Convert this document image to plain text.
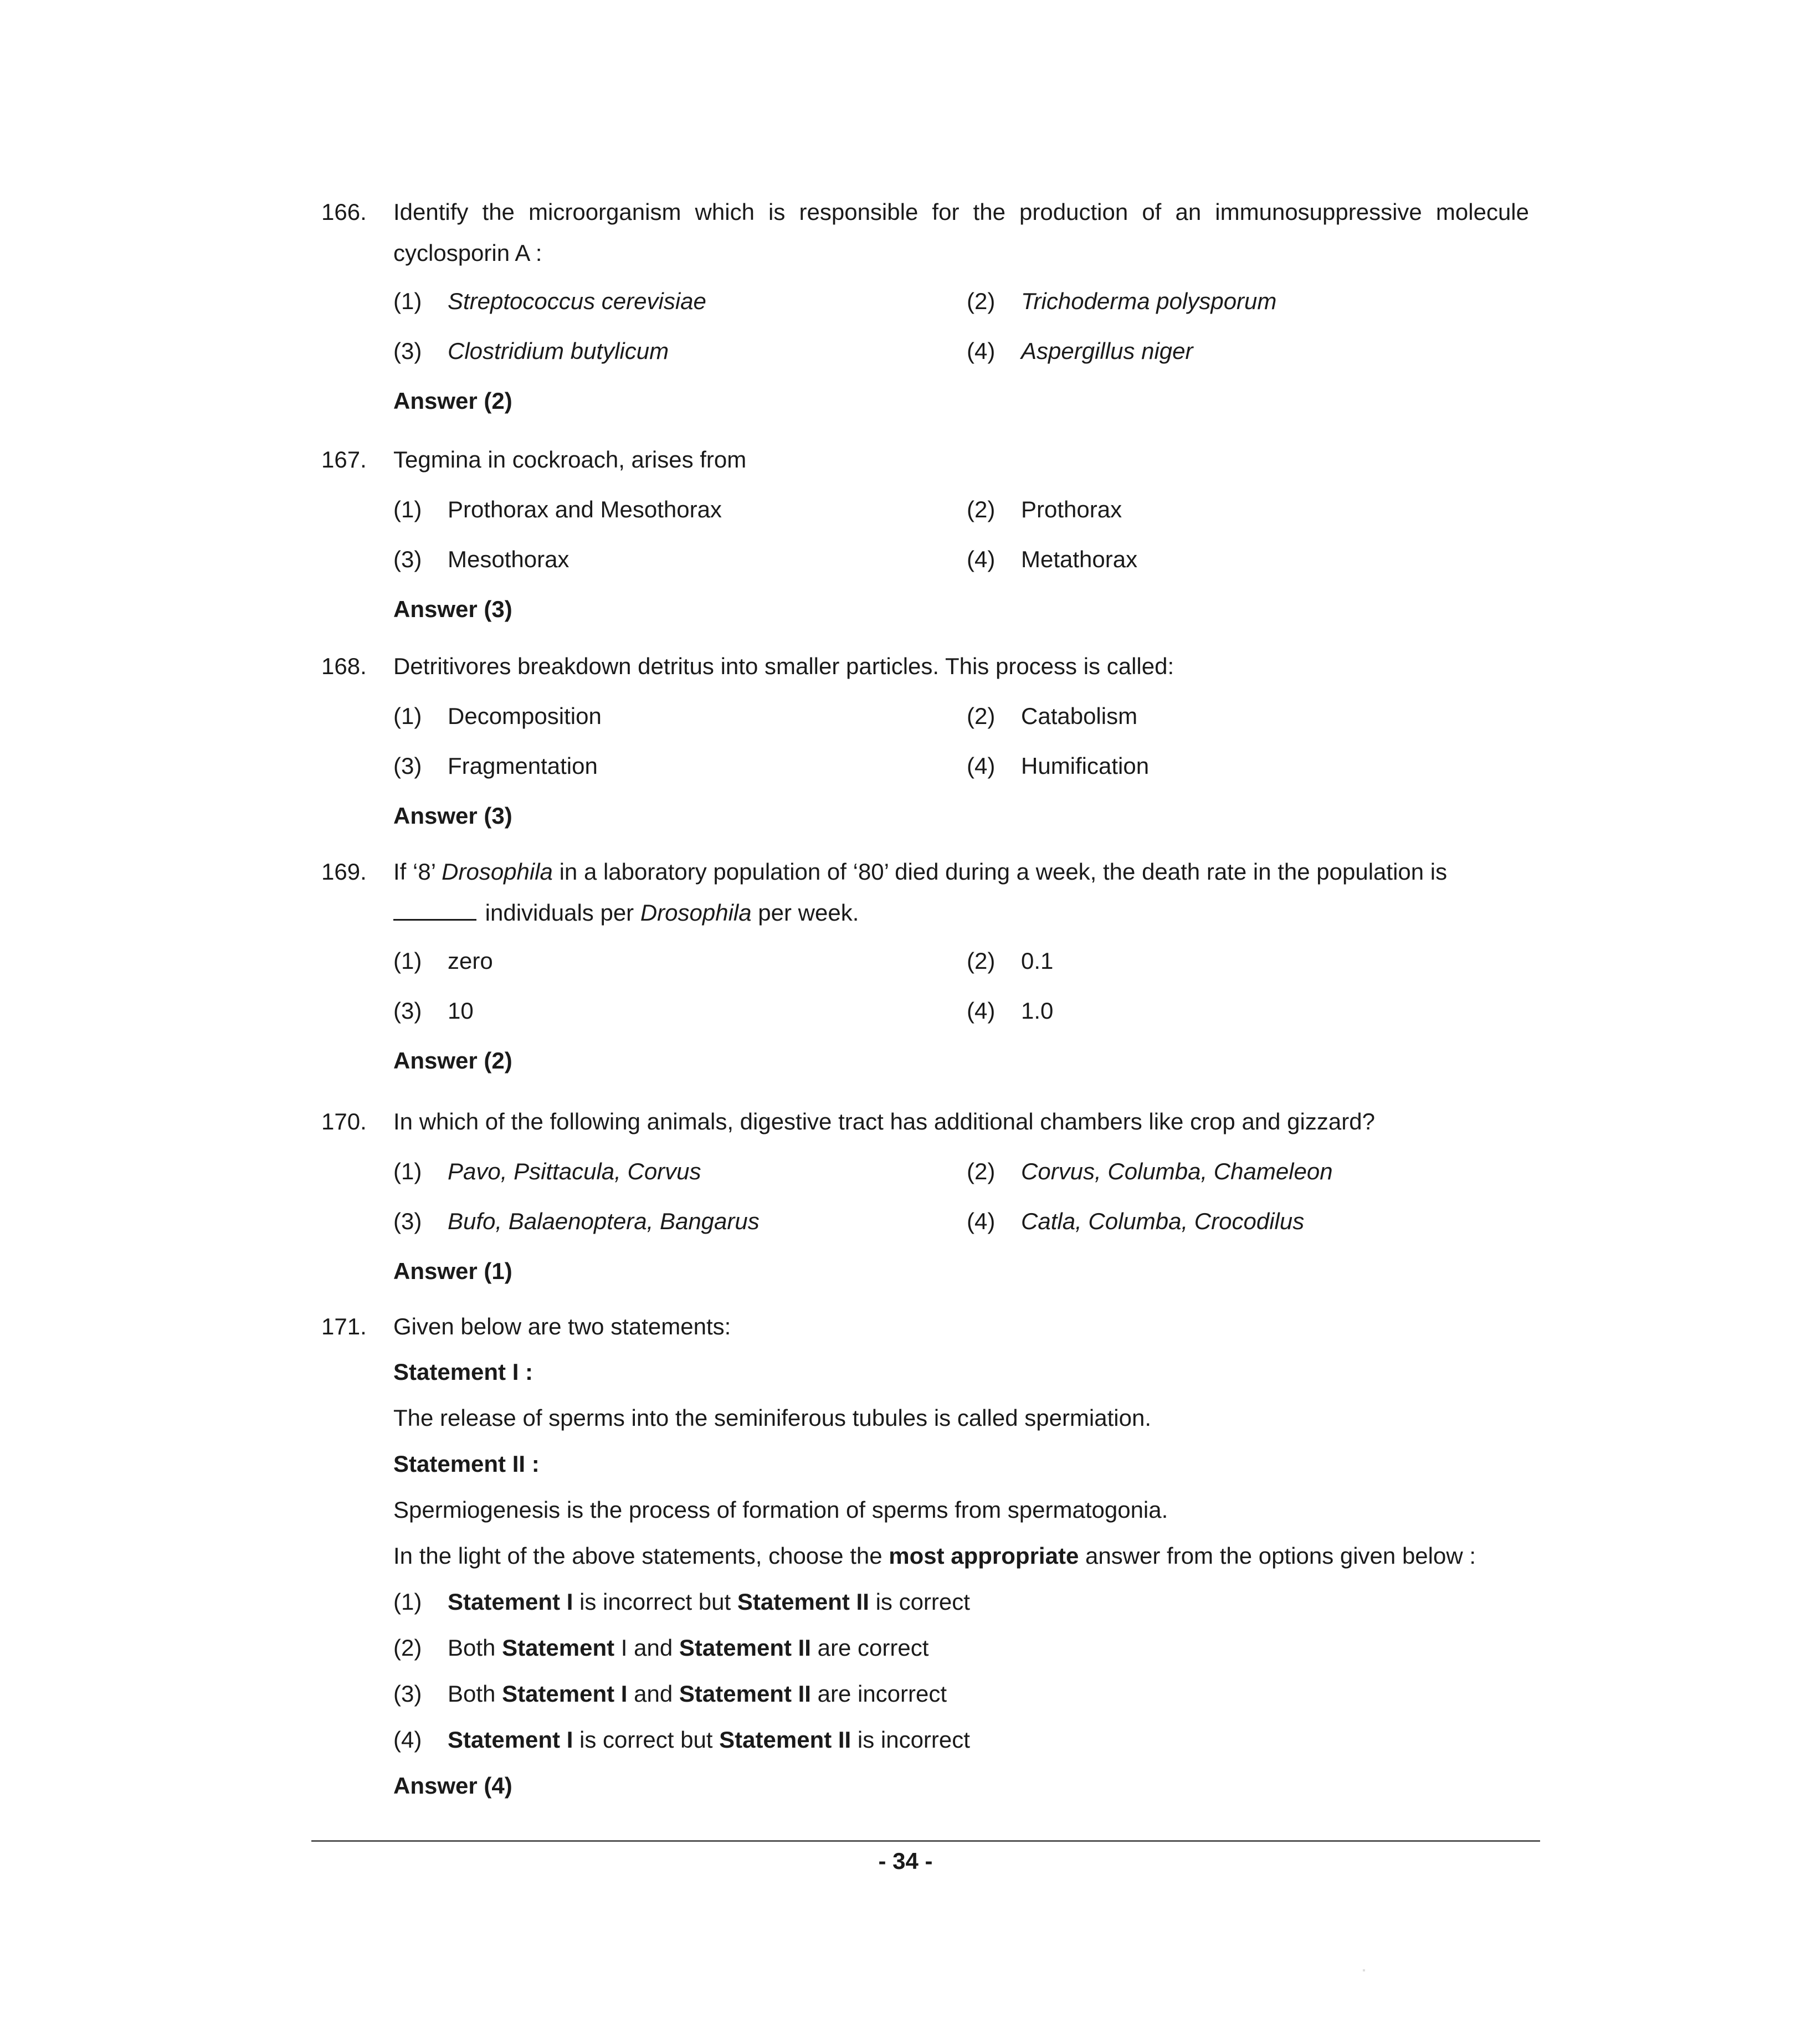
166. Identify the microorganism which is responsible for the production of an immunosuppressive molecule cyclosporin A :
(1) Streptococcus cerevisiae	(2) Trichoderma polysporum
(3) Clostridium butylicum	(4) Aspergillus niger
Answer (2)
167. Tegmina in cockroach, arises from
(1) Prothorax and Mesothorax	(2) Prothorax
(3) Mesothorax	(4) Metathorax
Answer (3)
168. Detritivores breakdown detritus into smaller particles. This process is called:
(1) Decomposition	(2) Catabolism
(3) Fragmentation	(4) Humification
Answer (3)
169. If ‘8’ Drosophila in a laboratory population of ‘80’ died during a week, the death rate in the population is
individuals per Drosophila per week.
(1) zero	(2) 0.1
(3) 10	(4) 1.0
Answer (2)
170. In which of the following animals, digestive tract has additional chambers like crop and gizzard?
(1) Pavo, Psittacula, Corvus	(2) Corvus, Columba, Chameleon
(3) Bufo, Balaenoptera, Bangarus	(4) Catla, Columba, Crocodilus
Answer (1)
171. Given below are two statements:
Statement I :
The release of sperms into the seminiferous tubules is called spermiation.
Statement II :
Spermiogenesis is the process of formation of sperms from spermatogonia.
In the light of the above statements, choose the most appropriate answer from the options given below :
(1) Statement I is incorrect but Statement II is correct
(2) Both Statement I and Statement II are correct
(3) Both Statement I and Statement II are incorrect
(4) Statement I is correct but Statement II is incorrect
Answer (4)
- 34 -
